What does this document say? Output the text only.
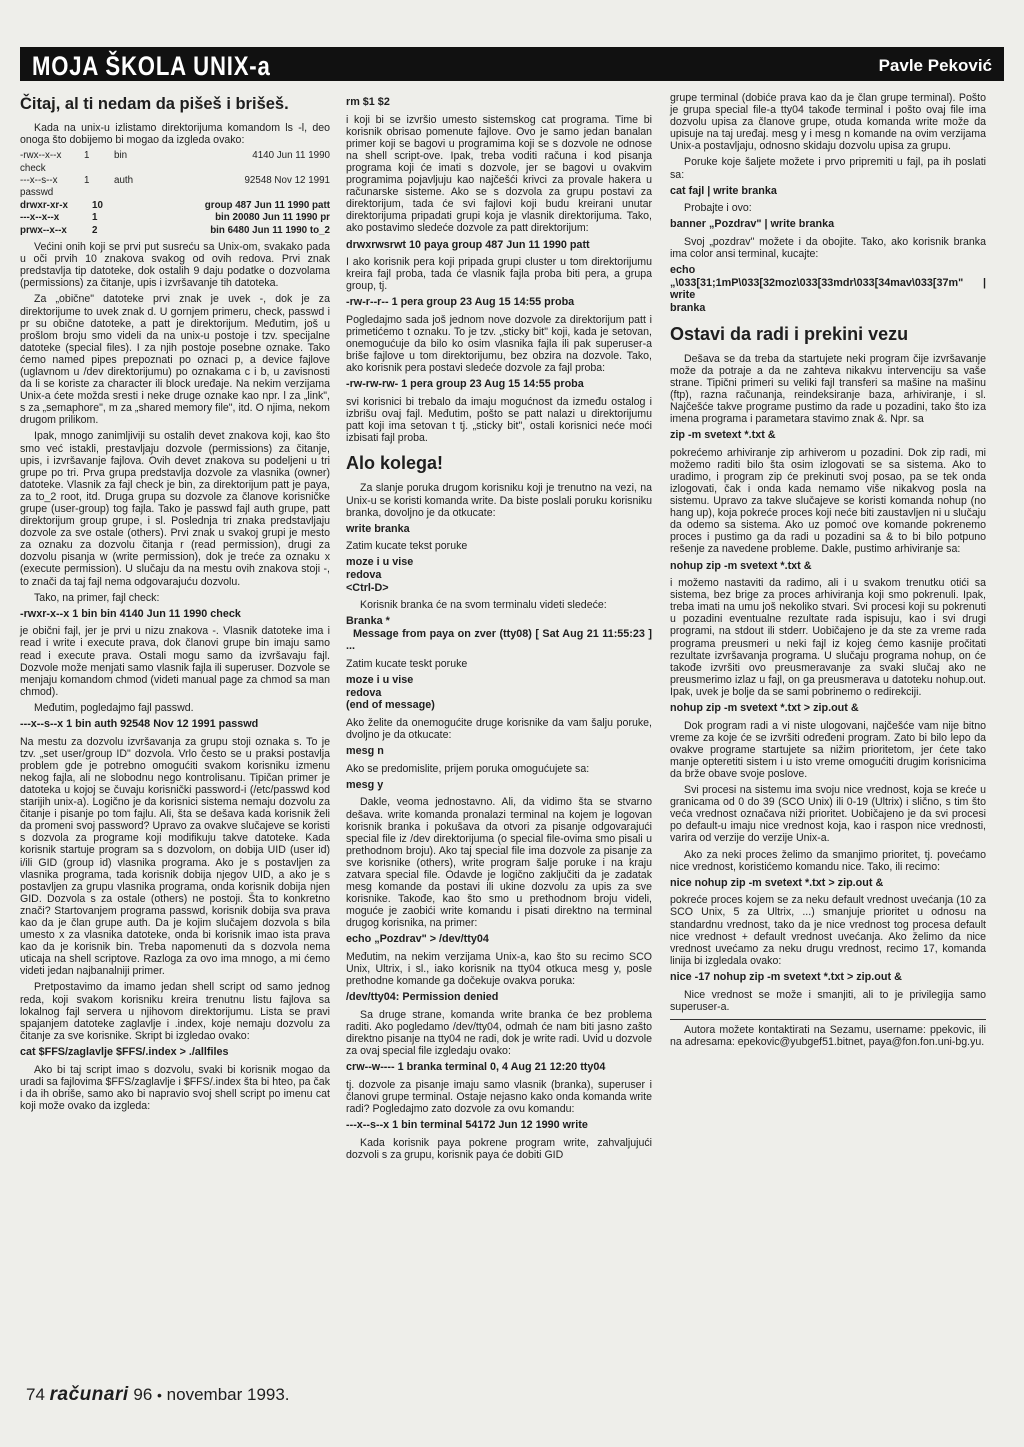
MOJA ŠKOLA UNIX-a	Pavle Peković
Čitaj, al ti nedam da pišeš i brišeš.

Kada na unix-u izlistamo direktorijuma komandom ls -l, deo onoga što dobijemo bi mogao da izgleda ovako:

-rwx--x--x	1	bin	4140 Jun 11 1990
check
---x--s--x	1	auth	92548 Nov 12 1991
passwd
drwxr-xr-x	10	group 487 Jun 11 1990 patt
---x--x--x	1	bin 20080 Jun 11 1990 pr
prwx--x--x	2	bin 6480 Jun 11 1990 to_2

Većini onih koji se prvi put susreću sa Unix-om, svakako pada u oči prvih 10 znakova svakog od ovih redova. Prvi znak predstavlja tip datoteke, dok ostalih 9 daju podatke o dozvolama (permissions) za čitanje, upis i izvršavanje tih datoteka.

Za „obične" datoteke prvi znak je uvek -, dok je za direktorijume to uvek znak d. U gornjem primeru, check, passwd i pr su obične datoteke, a patt je direktorijum. Međutim, još u prošlom broju smo videli da na unix-u postoje i tzv. specijalne datoteke (special files). I za njih postoje posebne oznake. Tako ćemo named pipes prepoznati po oznaci p, a device fajlove (uglavnom u /dev direktorijumu) po oznakama c i b, u zavisnosti da li se koriste za character ili block uređaje. Na nekim verzijama Unix-a ćete možda sresti i neke druge oznake kao npr. l za „link", s za „semaphore", m za „shared memory file", itd. O njima, nekom drugom prilikom.

Ipak, mnogo zanimljiviji su ostalih devet znakova koji, kao što smo već istakli, prestavljaju dozvole (permissions) za čitanje, upis, i izvršavanje fajlova. Ovih devet znakova su podeljeni u tri grupe po tri. Prva grupa predstavlja dozvole za vlasnika (owner) datoteke. Vlasnik za fajl check je bin, za direktorijum patt je paya, za to_2 root, itd. Druga grupa su dozvole za članove korisničke grupe (user-group) tog fajla. Tako je passwd fajl auth grupe, patt direktorijum group grupe, i sl. Poslednja tri znaka predstavljaju dozvole za sve ostale (others). Prvi znak u svakoj grupi je mesto za oznaku za dozvolu čitanja r (read permission), drugi za dozvolu pisanja w (write permission), dok je treće za oznaku x (execute permission). U slučaju da na mestu ovih znakova stoji -, to znači da taj fajl nema odgovarajuću dozvolu.

Tako, na primer, fajl check:

-rwxr-x--x 1 bin bin 4140 Jun 11 1990 check

je obični fajl, jer je prvi u nizu znakova -. Vlasnik datoteke ima i read i write i execute prava, dok članovi grupe bin imaju samo read i execute prava. Ostali mogu samo da izvršavaju fajl. Dozvole može menjati samo vlasnik fajla ili superuser. Dozvole se menjaju komandom chmod (videti manual page za chmod sa man chmod).

Međutim, pogledajmo fajl passwd.

---x--s--x 1 bin auth 92548 Nov 12 1991 passwd

Na mestu za dozvolu izvršavanja za grupu stoji oznaka s. To je tzv. „set user/group ID" dozvola. Vrlo često se u praksi postavlja problem gde je potrebno omogućiti svakom korisniku izmenu nekog fajla, ali ne slobodnu nego kontrolisanu. Tipičan primer je datoteka u kojoj se čuvaju korisnički password-i (/etc/passwd kod starijih unix-a). Logično je da korisnici sistema nemaju dozvolu za čitanje i pisanje po tom fajlu. Ali, šta se dešava kada korisnik želi da promeni svoj password? Upravo za ovakve slučajeve se koristi s dozvola za programe koji modifikuju takve datoteke. Kada korisnik startuje program sa s dozvolom, on dobija UID (user id) i/ili GID (group id) vlasnika programa. Ako je s postavljen za vlasnika programa, tada korisnik dobija njegov UID, a ako je s postavljen za grupu vlasnika programa, onda korisnik dobija njen GID. Dozvola s za ostale (others) ne postoji. Šta to konkretno znači? Startovanjem programa passwd, korisnik dobija sva prava kao da je član grupe auth. Da je kojim slučajem dozvola s bila umesto x za vlasnika datoteke, onda bi korisnik imao ista prava kao da je korisnik bin. Treba napomenuti da s dozvola nema uticaja na shell scriptove. Razloga za ovo ima mnogo, a mi ćemo videti jedan najbanalniji primer.

Pretpostavimo da imamo jedan shell script od samo jednog reda, koji svakom korisniku kreira trenutnu listu fajlova sa lokalnog fajl servera u njihovom direktorijumu. Lista se pravi spajanjem datoteke zaglavlje i .index, koje nemaju dozvolu za čitanje za sve korisnike. Skript bi izgledao ovako:

cat $FFS/zaglavlje $FFS/.index > ./allfiles

Ako bi taj script imao s dozvolu, svaki bi korisnik mogao da uradi sa fajlovima $FFS/zaglavlje i $FFS/.index šta bi hteo, pa čak i da ih obriše, samo ako bi napravio svoj shell script po imenu cat koji može ovako da izgleda:

rm $1 $2

i koji bi se izvršio umesto sistemskog cat programa. Time bi korisnik obrisao pomenute fajlove. Ovo je samo jedan banalan primer koji se bagovi u programima koji se s dozvole ne odnose na shell script-ove. Ipak, treba voditi računa i kod pisanja programa koji će imati s dozvole, jer se bagovi u ovakvim programima pojavljuju kao najčešći krivci za provale hakera u računarske sisteme. Ako se s dozvola za grupu postavi za direktorijum, tada će svi fajlovi koji budu kreirani unutar direktorijuma pripadati grupi koja je vlasnik direktorijuma. Tako, ako postavimo sledeće dozvole za patt direktorijum:

drwxrwsrwt 10 paya group 487 Jun 11 1990 patt

I ako korisnik pera koji pripada grupi cluster u tom direktorijumu kreira fajl proba, tada će vlasnik fajla proba biti pera, a grupa group, tj.

-rw-r--r-- 1 pera group 23 Aug 15 14:55 proba

Pogledajmo sada još jednom nove dozvole za direktorijum patt i primetićemo t oznaku. To je tzv. „sticky bit" koji, kada je setovan, onemogućuje da bilo ko osim vlasnika fajla ili pak superuser-a briše fajlove u tom direktorijumu, bez obzira na dozvole. Tako, ako korisnik pera postavi sledeće dozvole za fajl proba:

-rw-rw-rw- 1 pera group 23 Aug 15 14:55 proba

svi korisnici bi trebalo da imaju mogućnost da između ostalog i izbrišu ovaj fajl. Međutim, pošto se patt nalazi u direktorijumu patt koji ima setovan t tj. „sticky bit", ostali korisnici neće moći izbisati fajl proba.

Alo kolega!

Za slanje poruka drugom korisniku koji je trenutno na vezi, na Unix-u se koristi komanda write. Da biste poslali poruku korisniku branka, dovoljno je da otkucate:

write branka

Zatim kucate tekst poruke

moze i u vise
redova
<Ctrl-D>

Korisnik branka će na svom terminalu videti sledeće:

Branka *
Message from paya on zver (tty08) [ Sat Aug 21 11:55:23 ] ...

Zatim kucate teskt poruke

moze i u vise
redova
(end of message)

Ako želite da onemogućite druge korisnike da vam šalju poruke, dvoljno je da otkucate:

mesg n

Ako se predomislite, prijem poruka omogućujete sa:

mesg y

Dakle, veoma jednostavno. Ali, da vidimo šta se stvarno dešava. write komanda pronalazi terminal na kojem je logovan korisnik branka i pokušava da otvori za pisanje odgovarajući special file iz /dev direktorijuma (o special file-ovima smo pisali u prethodnom broju). Ako taj special file ima dozvole za pisanje za sve korisnike (others), write program šalje poruke i na kraju zatvara special file. Odavde je logično zaključiti da je zadatak mesg komande da postavi ili ukine dozvolu za upis za sve korisnike. Takođe, kao što smo u prethodnom broju videli, moguće je zaobići write komandu i pisati direktno na terminal drugog korisnika, na primer:

echo „Pozdrav" > /dev/tty04

Međutim, na nekim verzijama Unix-a, kao što su recimo SCO Unix, Ultrix, i sl., iako korisnik na tty04 otkuca mesg y, posle prethodne komande ga dočekuje ovakva poruka:

/dev/tty04: Permission denied

Sa druge strane, komanda write branka će bez problema raditi. Ako pogledamo /dev/tty04, odmah će nam biti jasno zašto direktno pisanje na tty04 ne radi, dok je write radi. Uvid u dozvole za ovaj special file izgledaju ovako:

crw--w---- 1 branka terminal 0, 4 Aug 21 12:20 tty04

tj. dozvole za pisanje imaju samo vlasnik (branka), superuser i članovi grupe terminal. Ostaje nejasno kako onda komanda write radi? Pogledajmo zato dozvole za ovu komandu:

---x--s--x 1 bin terminal 54172 Jun 12 1990 write

Kada korisnik paya pokrene program write, zahvaljujući dozvoli s za grupu, korisnik paya će dobiti GID

grupe terminal (dobiće prava kao da je član grupe terminal). Pošto je grupa special file-a tty04 takođe terminal i pošto ovaj file ima dozvolu upisa za članove grupe, otuda komanda write može da upisuje na taj uređaj. mesg y i mesg n komande na ovim verzijama Unix-a postavljaju, odnosno skidaju dozvolu upisa za grupu.

Poruke koje šaljete možete i prvo pripremiti u fajl, pa ih poslati sa:

cat fajl | write branka

Probajte i ovo:

banner „Pozdrav" | write branka

Svoj „pozdrav" možete i da obojite. Tako, ako korisnik branka ima color ansi terminal, kucajte:

echo
„\033[31;1mP\033[32moz\033[33mdr\033[34mav\033[37m" | write
branka
Ostavi da radi i prekini vezu

Dešava se da treba da startujete neki program čije izvršavanje može da potraje a da ne zahteva nikakvu intervenciju sa vaše strane. Tipični primeri su veliki fajl transferi sa mašine na mašinu (ftp), razna računanja, reindeksiranje baza, arhiviranje, i sl. Najčešće takve programe pustimo da rade u pozadini, tako što iza imena programa i parametara stavimo znak &. Npr. sa

zip -m svetext *.txt &

pokrećemo arhiviranje zip arhiverom u pozadini. Dok zip radi, mi možemo raditi bilo šta osim izlogovati se sa sistema. Ako to uradimo, i program zip će prekinuti svoj posao, pa se tek onda izlogovati, čak i onda kada nemamo više nikakvog posla na sistemu. Upravo za takve slučajeve se koristi komanda nohup (no hang up), koja pokreće proces koji neće biti zaustavljen ni u slučaju da odemo sa sistema. Ako uz pomoć ove komande pokrenemo proces i pustimo ga da radi u pozadini sa & to bi bilo potpuno rešenje za navedene probleme. Dakle, pustimo arhiviranje sa:

nohup zip -m svetext *.txt &

i možemo nastaviti da radimo, ali i u svakom trenutku otići sa sistema, bez brige za proces arhiviranja koji smo pokrenuli. Ipak, treba imati na umu još nekoliko stvari. Svi procesi koji su pokrenuti u pozadini eventualne rezultate rada ispisuju, kao i svi drugi programi, na stdout ili stderr. Uobičajeno je da ste za vreme rada programa preusmeri u neki fajl iz kojeg ćemo kasnije pročitati rezultate izvršavanja programa. U slučaju programa nohup, on će takođe izvršiti ovo preusmeravanje za svaki slučaj ako ne preusmerimo izlaz u fajl, on ga preusmerava u datoteku nohup.out. Ipak, uvek je bolje da se sami pobrinemo o redirekciji.

nohup zip -m svetext *.txt > zip.out &

Dok program radi a vi niste ulogovani, najčešće vam nije bitno vreme za koje će se izvršiti određeni program. Zato bi bilo lepo da ovakve programe startujete sa nižim prioritetom, jer ćete tako manje opteretiti sistem i u isto vreme omogućiti drugim korisnicima da brže obave svoje poslove.

Svi procesi na sistemu ima svoju nice vrednost, koja se kreće u granicama od 0 do 39 (SCO Unix) ili 0-19 (Ultrix) i slično, s tim što veća vrednost označava niži prioritet. Uobičajeno je da svi procesi po default-u imaju nice vrednost koja, kao i raspon nice vrednosti, varira od verzije do verzije Unix-a.

Ako za neki proces želimo da smanjimo prioritet, tj. povećamo nice vrednost, koristićemo komandu nice. Tako, ili recimo:

nice nohup zip -m svetext *.txt > zip.out &

pokreće proces kojem se za neku default vrednost uvećanja (10 za SCO Unix, 5 za Ultrix, ...) smanjuje prioritet u odnosu na standardnu vrednost, tako da je nice vrednost tog procesa default nice vrednost + default vrednost uvećanja. Ako želimo da nice vrednost uvećamo za neku drugu vrednost, recimo 17, komanda linija bi izgledala ovako:

nice -17 nohup zip -m svetext *.txt > zip.out &

Nice vrednost se može i smanjiti, ali to je privilegija samo superuser-a.

Autora možete kontaktirati na Sezamu, username: ppekovic, ili na adresama: epekovic@yubgef51.bitnet, paya@fon.fon.uni-bg.yu.

74 računari 96 • novembar 1993.
